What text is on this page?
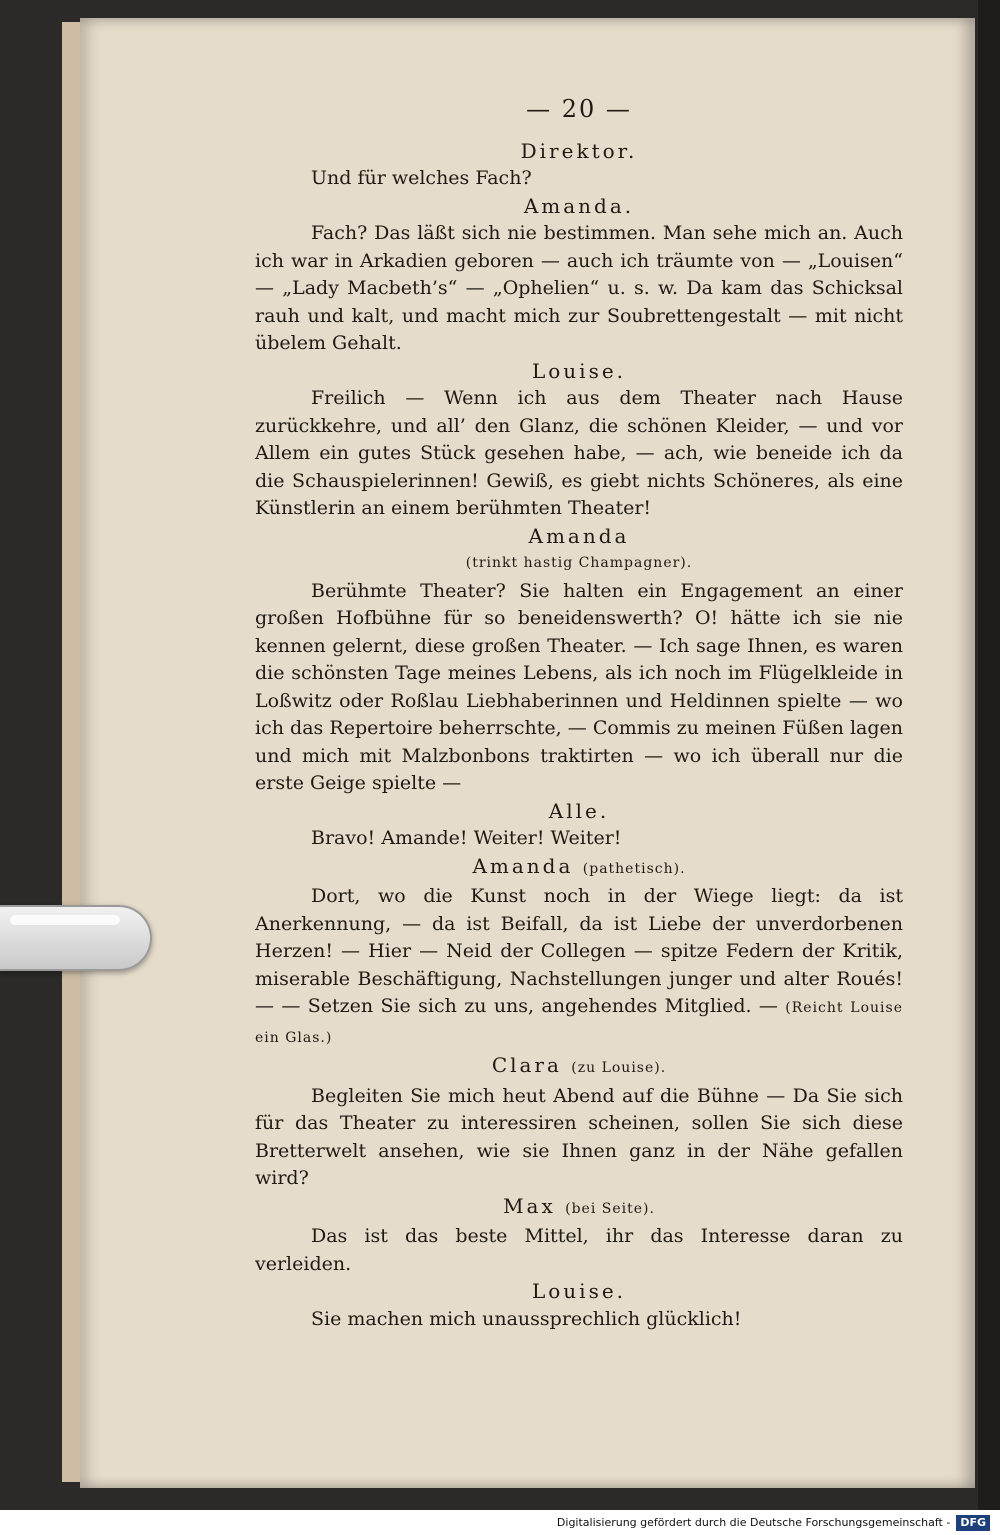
— 20 —
Direktor.
Und für welches Fach?
Amanda.
Fach? Das läßt sich nie bestimmen. Man sehe mich an. Auch ich war in Arkadien geboren — auch ich träumte von — „Louisen“ — „Lady Macbeth’s“ — „Ophelien“ u. s. w. Da kam das Schicksal rauh und kalt, und macht mich zur Soubrettengestalt — mit nicht übelem Gehalt.
Louise.
Freilich — Wenn ich aus dem Theater nach Hause zurückkehre, und all’ den Glanz, die schönen Kleider, — und vor Allem ein gutes Stück gesehen habe, — ach, wie beneide ich da die Schauspielerinnen! Gewiß, es giebt nichts Schöneres, als eine Künstlerin an einem berühmten Theater!
Amanda
(trinkt hastig Champagner).
Berühmte Theater? Sie halten ein Engagement an einer großen Hofbühne für so beneidenswerth? O! hätte ich sie nie kennen gelernt, diese großen Theater. — Ich sage Ihnen, es waren die schönsten Tage meines Lebens, als ich noch im Flügelkleide in Loßwitz oder Roßlau Liebhaberinnen und Heldinnen spielte — wo ich das Repertoire beherrschte, — Commis zu meinen Füßen lagen und mich mit Malzbonbons traktirten — wo ich überall nur die erste Geige spielte —
Alle.
Bravo! Amande! Weiter! Weiter!
Amanda (pathetisch).
Dort, wo die Kunst noch in der Wiege liegt: da ist Anerkennung, — da ist Beifall, da ist Liebe der unverdorbenen Herzen! — Hier — Neid der Collegen — spitze Federn der Kritik, miserable Beschäftigung, Nachstellungen junger und alter Roués! — — Setzen Sie sich zu uns, angehendes Mitglied. — (Reicht Louise ein Glas.)
Clara (zu Louise).
Begleiten Sie mich heut Abend auf die Bühne — Da Sie sich für das Theater zu interessiren scheinen, sollen Sie sich diese Bretterwelt ansehen, wie sie Ihnen ganz in der Nähe gefallen wird?
Max (bei Seite).
Das ist das beste Mittel, ihr das Interesse daran zu verleiden.
Louise.
Sie machen mich unaussprechlich glücklich!
Digitalisierung gefördert durch die Deutsche Forschungsgemeinschaft - DFG
